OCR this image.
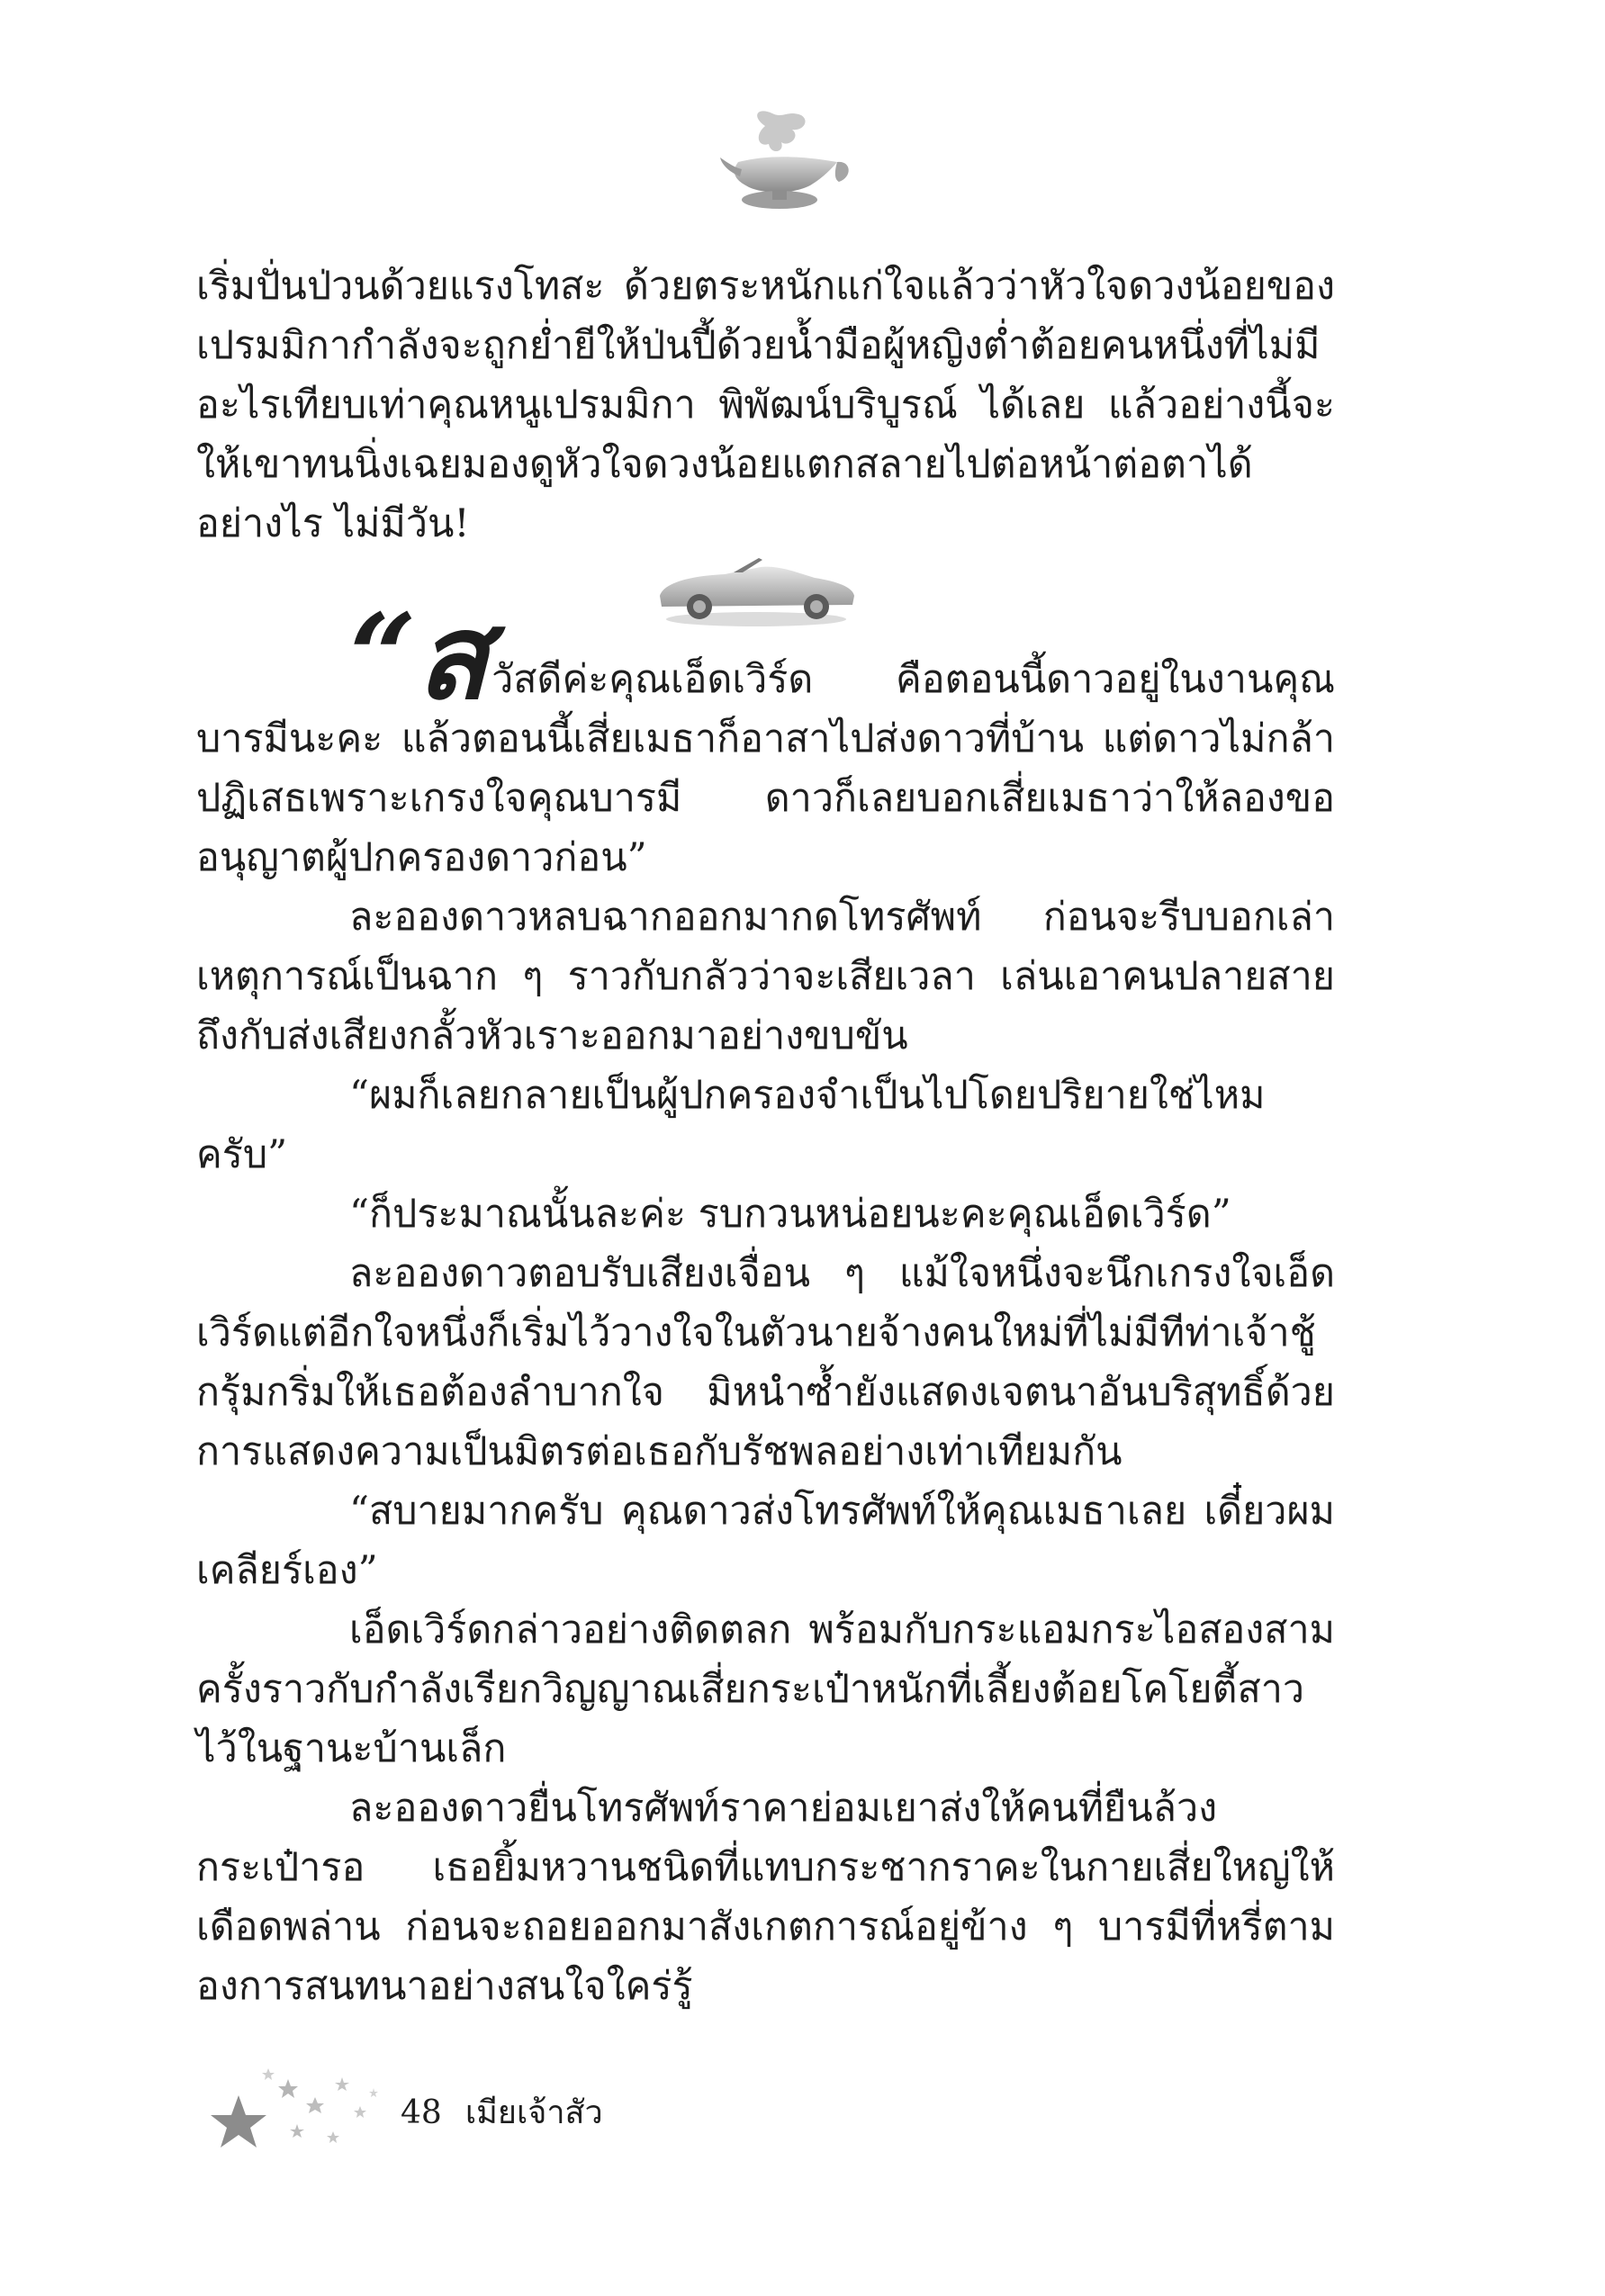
เริ่มปั่นป่วนด้วยแรงโทสะ ด้วยตระหนักแก่ใจแล้วว่าหัวใจดวงน้อยของเปรมมิกากำลังจะถูกย่ำยีให้ป่นปี้ด้วยน้ำมือผู้หญิงต่ำต้อยคนหนึ่งที่ไม่มีอะไรเทียบเท่าคุณหนูเปรมมิกา พิพัฒน์บริบูรณ์ ได้เลย แล้วอย่างนี้จะให้เขาทนนิ่งเฉยมองดูหัวใจดวงน้อยแตกสลายไปต่อหน้าต่อตาได้อย่างไร ไม่มีวัน!

“สวัสดีค่ะคุณเอ็ดเวิร์ด คือตอนนี้ดาวอยู่ในงานคุณบารมีนะคะ แล้วตอนนี้เสี่ยเมธาก็อาสาไปส่งดาวที่บ้าน แต่ดาวไม่กล้าปฏิเสธเพราะเกรงใจคุณบารมี ดาวก็เลยบอกเสี่ยเมธาว่าให้ลองขออนุญาตผู้ปกครองดาวก่อน”

ละอองดาวหลบฉากออกมากดโทรศัพท์ ก่อนจะรีบบอกเล่าเหตุการณ์เป็นฉาก ๆ ราวกับกลัวว่าจะเสียเวลา เล่นเอาคนปลายสายถึงกับส่งเสียงกลั้วหัวเราะออกมาอย่างขบขัน

“ผมก็เลยกลายเป็นผู้ปกครองจำเป็นไปโดยปริยายใช่ไหมครับ”

“ก็ประมาณนั้นละค่ะ รบกวนหน่อยนะคะคุณเอ็ดเวิร์ด”

ละอองดาวตอบรับเสียงเจื่อน ๆ แม้ใจหนึ่งจะนึกเกรงใจเอ็ดเวิร์ดแต่อีกใจหนึ่งก็เริ่มไว้วางใจในตัวนายจ้างคนใหม่ที่ไม่มีทีท่าเจ้าชู้กรุ้มกริ่มให้เธอต้องลำบากใจ มิหนำซ้ำยังแสดงเจตนาอันบริสุทธิ์ด้วยการแสดงความเป็นมิตรต่อเธอกับรัชพลอย่างเท่าเทียมกัน

“สบายมากครับ คุณดาวส่งโทรศัพท์ให้คุณเมธาเลย เดี๋ยวผมเคลียร์เอง”

เอ็ดเวิร์ดกล่าวอย่างติดตลก พร้อมกับกระแอมกระไอสองสามครั้งราวกับกำลังเรียกวิญญาณเสี่ยกระเป๋าหนักที่เลี้ยงต้อยโคโยตี้สาวไว้ในฐานะบ้านเล็ก

ละอองดาวยื่นโทรศัพท์ราคาย่อมเยาส่งให้คนที่ยืนล้วงกระเป๋ารอ เธอยิ้มหวานชนิดที่แทบกระชากราคะในกายเสี่ยใหญ่ให้เดือดพล่าน ก่อนจะถอยออกมาสังเกตการณ์อยู่ข้าง ๆ บารมีที่หรี่ตามองการสนทนาอย่างสนใจใคร่รู้

48 เมียเจ้าสัว
